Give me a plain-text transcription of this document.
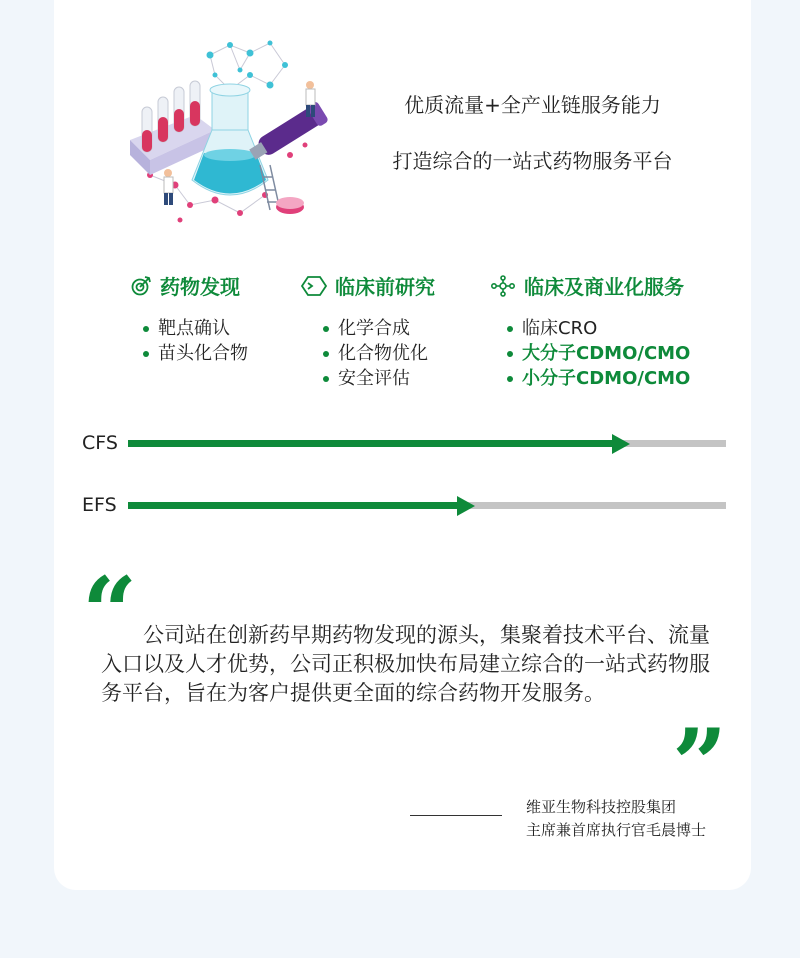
优质流量+全产业链服务能力
打造综合的一站式药物服务平台
药物发现
靶点确认
苗头化合物
临床前研究
化学合成
化合物优化
安全评估
临床及商业化服务
临床CRO
大分子CDMO/CMO
小分子CDMO/CMO
CFS
EFS
“ 公司站在创新药早期药物发现的源头，集聚着技术平台、流量入口以及人才优势，公司正积极加快布局建立综合的一站式药物服务平台，旨在为客户提供更全面的综合药物开发服务。
”
维亚生物科技控股集团
主席兼首席执行官毛晨博士
